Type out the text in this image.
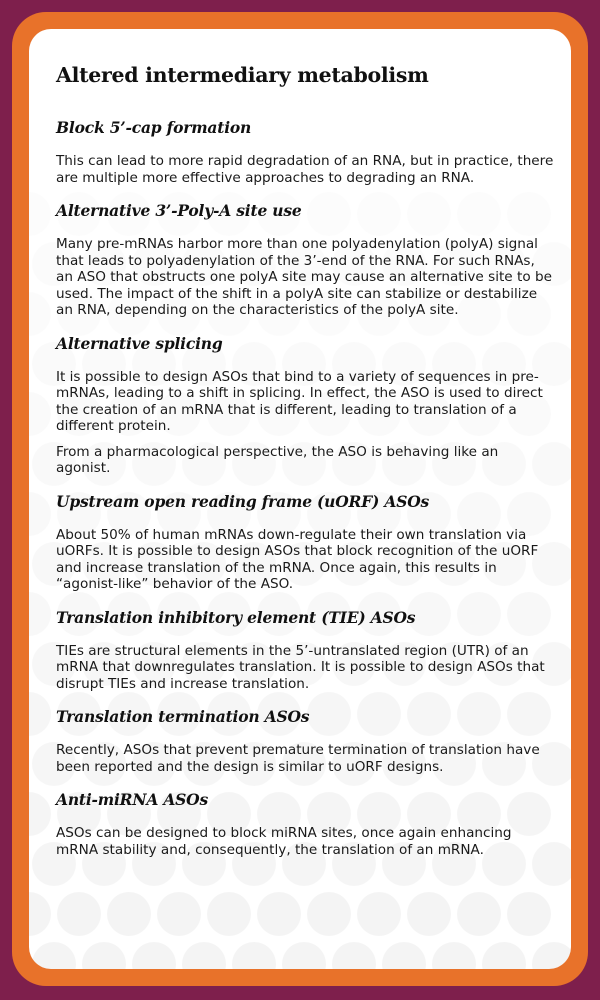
Altered intermediary metabolism
Block 5’-cap formation

This can lead to more rapid degradation of an RNA, but in practice, there are multiple more effective approaches to degrading an RNA.

Alternative 3’-Poly-A site use

Many pre-mRNAs harbor more than one polyadenylation (polyA) signal that leads to polyadenylation of the 3’-end of the RNA. For such RNAs, an ASO that obstructs one polyA site may cause an alternative site to be used. The impact of the shift in a polyA site can stabilize or destabilize an RNA, depending on the characteristics of the polyA site.

Alternative splicing

It is possible to design ASOs that bind to a variety of sequences in pre-mRNAs, leading to a shift in splicing. In effect, the ASO is used to direct the creation of an mRNA that is different, leading to translation of a different protein.

From a pharmacological perspective, the ASO is behaving like an agonist.

Upstream open reading frame (uORF) ASOs

About 50% of human mRNAs down-regulate their own translation via uORFs. It is possible to design ASOs that block recognition of the uORF and increase translation of the mRNA. Once again, this results in “agonist-like” behavior of the ASO.

Translation inhibitory element (TIE) ASOs

TIEs are structural elements in the 5’-untranslated region (UTR) of an mRNA that downregulates translation. It is possible to design ASOs that disrupt TIEs and increase translation.

Translation termination ASOs

Recently, ASOs that prevent premature termination of translation have been reported and the design is similar to uORF designs.

Anti-miRNA ASOs

ASOs can be designed to block miRNA sites, once again enhancing mRNA stability and, consequently, the translation of an mRNA.
